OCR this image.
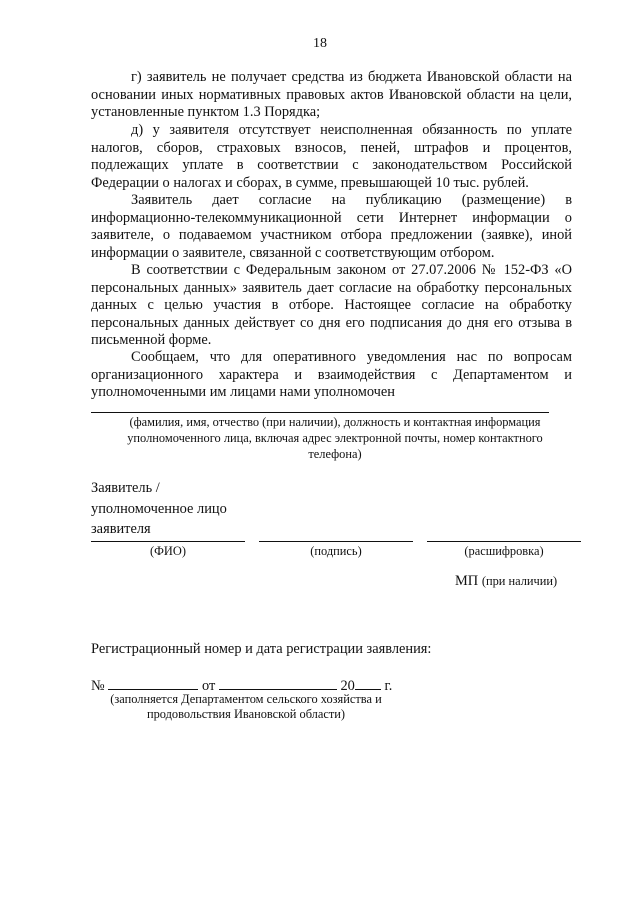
18

г) заявитель не получает средства из бюджета Ивановской области на основании иных нормативных правовых актов Ивановской области на цели, установленные пунктом 1.3 Порядка;

д) у заявителя отсутствует неисполненная обязанность по уплате налогов, сборов, страховых взносов, пеней, штрафов и процентов, подлежащих уплате в соответствии с законодательством Российской Федерации о налогах и сборах, в сумме, превышающей 10 тыс. рублей.

Заявитель дает согласие на публикацию (размещение) в информационно-телекоммуникационной сети Интернет информации о заявителе, о подаваемом участником отбора предложении (заявке), иной информации о заявителе, связанной с соответствующим отбором.

В соответствии с Федеральным законом от 27.07.2006 № 152-ФЗ «О персональных данных» заявитель дает согласие на обработку персональных данных с целью участия в отборе. Настоящее согласие на обработку персональных данных действует со дня его подписания до дня его отзыва в письменной форме.

Сообщаем, что для оперативного уведомления нас по вопросам организационного характера и взаимодействия с Департаментом и уполномоченными им лицами нами уполномочен

(фамилия, имя, отчество (при наличии), должность и контактная информация уполномоченного лица, включая адрес электронной почты, номер контактного телефона)
Заявитель /
уполномоченное лицо
заявителя
(ФИО)	(подпись)	(расшифровка)
МП (при наличии)
Регистрационный номер и дата регистрации заявления:
№	от	20 г.
(заполняется Департаментом сельского хозяйства и продовольствия Ивановской области)
